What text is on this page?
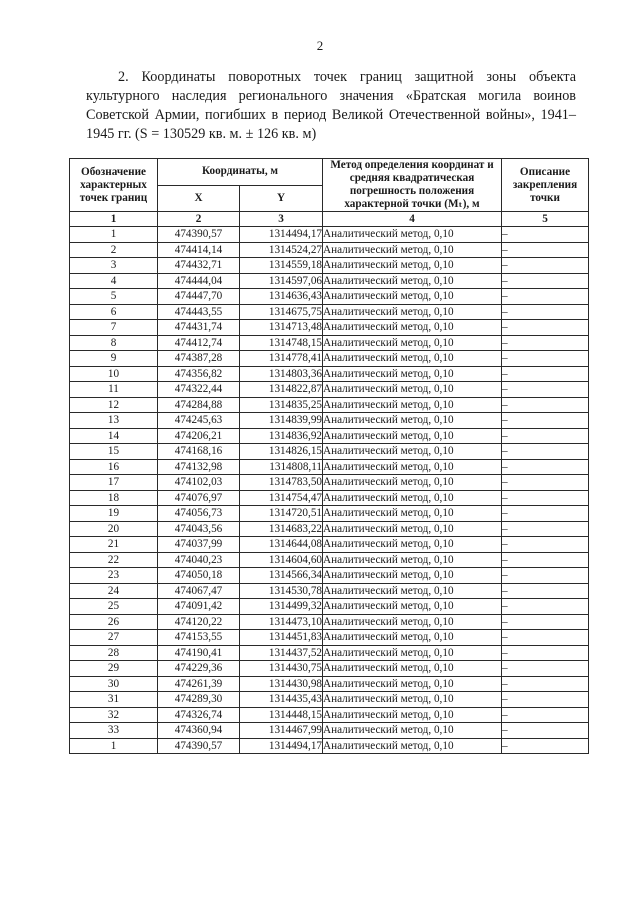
2

2. Координаты поворотных точек границ защитной зоны объекта культурного наследия регионального значения «Братская могила воинов Советской Армии, погибших в период Великой Отечественной войны», 1941–1945 гг. (S = 130529 кв. м. ± 126 кв. м)

Обозначение характерных точек границ	Координаты, м		Метод определения координат и средняя квадратическая погрешность положения характерной точки (Mₜ), м	Описание закрепления точки
	X	Y		
1	2	3	4	5
1	474390,57	1314494,17	Аналитический метод, 0,10	–
2	474414,14	1314524,27	Аналитический метод, 0,10	–
3	474432,71	1314559,18	Аналитический метод, 0,10	–
4	474444,04	1314597,06	Аналитический метод, 0,10	–
5	474447,70	1314636,43	Аналитический метод, 0,10	–
6	474443,55	1314675,75	Аналитический метод, 0,10	–
7	474431,74	1314713,48	Аналитический метод, 0,10	–
8	474412,74	1314748,15	Аналитический метод, 0,10	–
9	474387,28	1314778,41	Аналитический метод, 0,10	–
10	474356,82	1314803,36	Аналитический метод, 0,10	–
11	474322,44	1314822,87	Аналитический метод, 0,10	–
12	474284,88	1314835,25	Аналитический метод, 0,10	–
13	474245,63	1314839,99	Аналитический метод, 0,10	–
14	474206,21	1314836,92	Аналитический метод, 0,10	–
15	474168,16	1314826,15	Аналитический метод, 0,10	–
16	474132,98	1314808,11	Аналитический метод, 0,10	–
17	474102,03	1314783,50	Аналитический метод, 0,10	–
18	474076,97	1314754,47	Аналитический метод, 0,10	–
19	474056,73	1314720,51	Аналитический метод, 0,10	–
20	474043,56	1314683,22	Аналитический метод, 0,10	–
21	474037,99	1314644,08	Аналитический метод, 0,10	–
22	474040,23	1314604,60	Аналитический метод, 0,10	–
23	474050,18	1314566,34	Аналитический метод, 0,10	–
24	474067,47	1314530,78	Аналитический метод, 0,10	–
25	474091,42	1314499,32	Аналитический метод, 0,10	–
26	474120,22	1314473,10	Аналитический метод, 0,10	–
27	474153,55	1314451,83	Аналитический метод, 0,10	–
28	474190,41	1314437,52	Аналитический метод, 0,10	–
29	474229,36	1314430,75	Аналитический метод, 0,10	–
30	474261,39	1314430,98	Аналитический метод, 0,10	–
31	474289,30	1314435,43	Аналитический метод, 0,10	–
32	474326,74	1314448,15	Аналитический метод, 0,10	–
33	474360,94	1314467,99	Аналитический метод, 0,10	–
1	474390,57	1314494,17	Аналитический метод, 0,10	–
